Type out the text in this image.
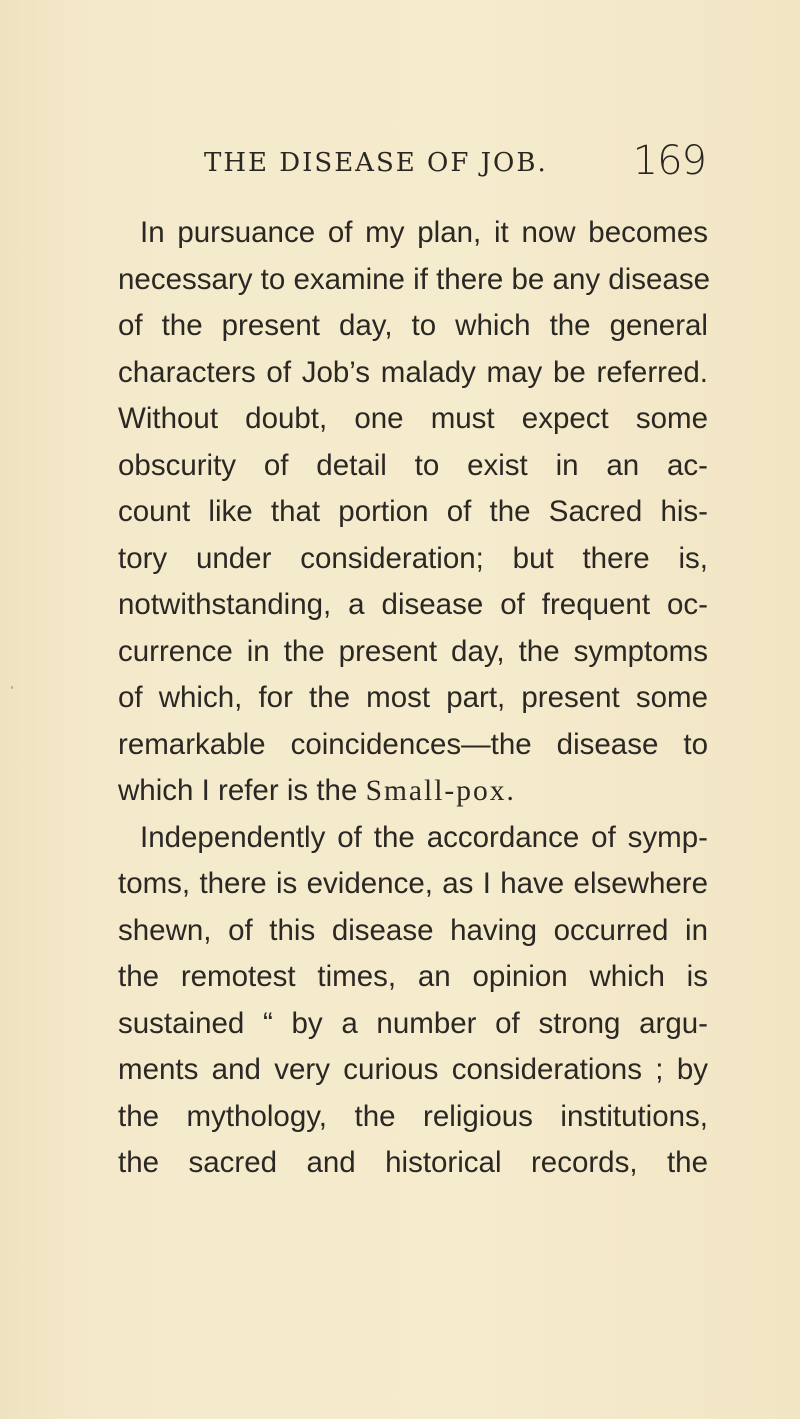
THE DISEASE OF JOB. 169
In pursuance of my plan, it now becomes
necessary to examine if there be any disease
of the present day, to which the general
characters of Job’s malady may be referred.
Without doubt, one must expect some
obscurity of detail to exist in an ac-
count like that portion of the Sacred his-
tory under consideration; but there is,
notwithstanding, a disease of frequent oc-
currence in the present day, the symptoms
of which, for the most part, present some
remarkable coincidences—the disease to
which I refer is the Small-pox.
Independently of the accordance of symp-
toms, there is evidence, as I have elsewhere
shewn, of this disease having occurred in
the remotest times, an opinion which is
sustained “ by a number of strong argu-
ments and very curious considerations ; by
the mythology, the religious institutions,
the sacred and historical records, the
